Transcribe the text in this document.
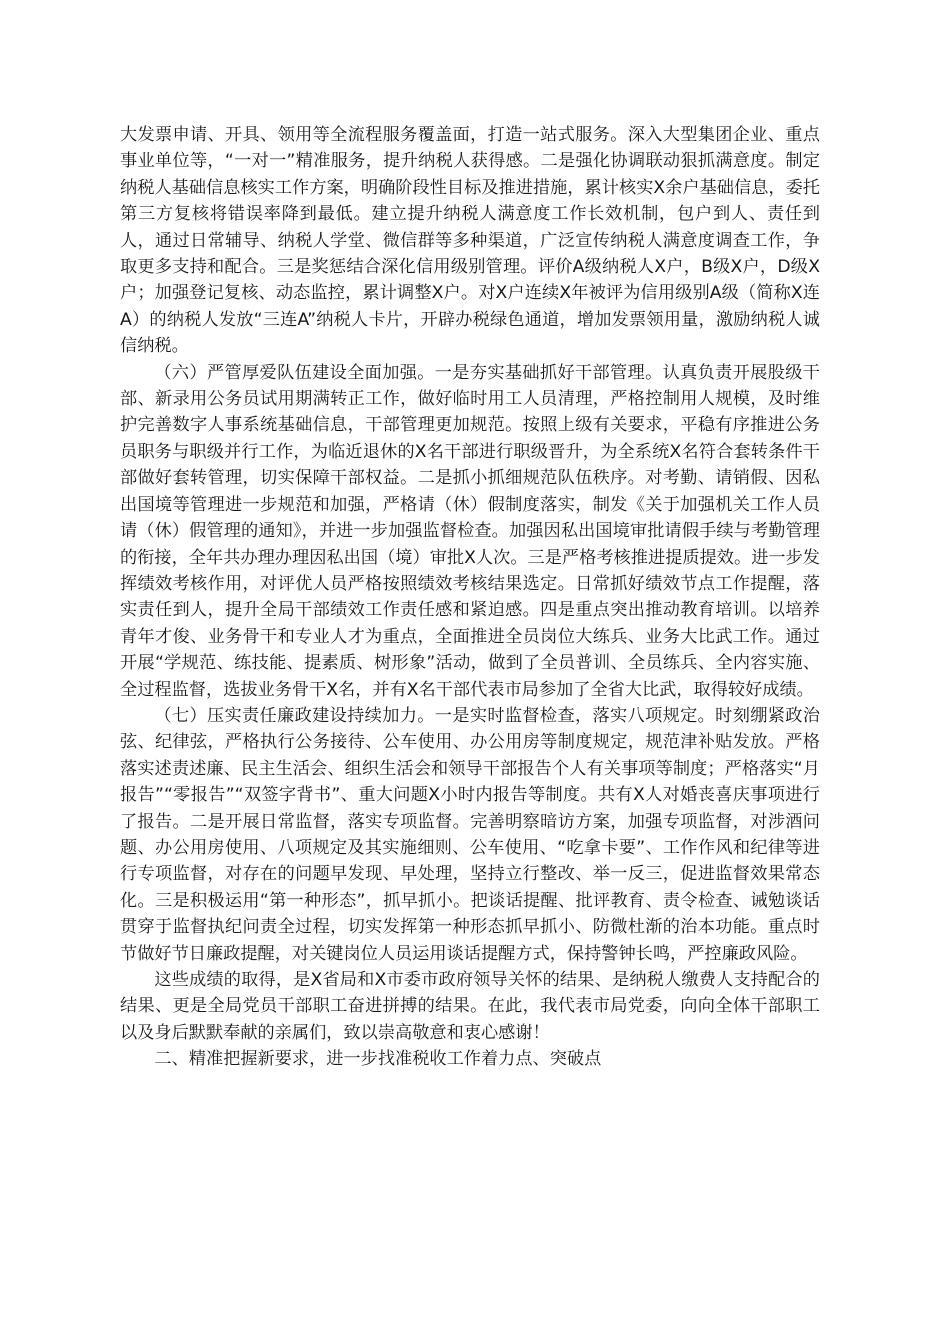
大发票申请、开具、领用等全流程服务覆盖面，打造一站式服务。深入大型集团企业、重点事业单位等，“一对一”精准服务，提升纳税人获得感。二是强化协调联动狠抓满意度。制定纳税人基础信息核实工作方案，明确阶段性目标及推进措施，累计核实X余户基础信息，委托第三方复核将错误率降到最低。建立提升纳税人满意度工作长效机制，包户到人、责任到人，通过日常辅导、纳税人学堂、微信群等多种渠道，广泛宣传纳税人满意度调查工作，争取更多支持和配合。三是奖惩结合深化信用级别管理。评价A级纳税人X户，B级X户，D级X户；加强登记复核、动态监控，累计调整X户。对X户连续X年被评为信用级别A级（简称X连A）的纳税人发放“三连A”纳税人卡片，开辟办税绿色通道，增加发票领用量，激励纳税人诚信纳税。

（六）严管厚爱队伍建设全面加强。一是夯实基础抓好干部管理。认真负责开展股级干部、新录用公务员试用期满转正工作，做好临时用工人员清理，严格控制用人规模，及时维护完善数字人事系统基础信息，干部管理更加规范。按照上级有关要求，平稳有序推进公务员职务与职级并行工作，为临近退休的X名干部进行职级晋升，为全系统X名符合套转条件干部做好套转管理，切实保障干部权益。二是抓小抓细规范队伍秩序。对考勤、请销假、因私出国境等管理进一步规范和加强，严格请（休）假制度落实，制发《关于加强机关工作人员请（休）假管理的通知》，并进一步加强监督检查。加强因私出国境审批请假手续与考勤管理的衔接，全年共办理办理因私出国（境）审批X人次。三是严格考核推进提质提效。进一步发挥绩效考核作用，对评优人员严格按照绩效考核结果选定。日常抓好绩效节点工作提醒，落实责任到人，提升全局干部绩效工作责任感和紧迫感。四是重点突出推动教育培训。以培养青年才俊、业务骨干和专业人才为重点，全面推进全员岗位大练兵、业务大比武工作。通过开展“学规范、练技能、提素质、树形象”活动，做到了全员普训、全员练兵、全内容实施、全过程监督，选拔业务骨干X名，并有X名干部代表市局参加了全省大比武，取得较好成绩。

（七）压实责任廉政建设持续加力。一是实时监督检查，落实八项规定。时刻绷紧政治弦、纪律弦，严格执行公务接待、公车使用、办公用房等制度规定，规范津补贴发放。严格落实述责述廉、民主生活会、组织生活会和领导干部报告个人有关事项等制度；严格落实“月报告”“零报告”“双签字背书”、重大问题X小时内报告等制度。共有X人对婚丧喜庆事项进行了报告。二是开展日常监督，落实专项监督。完善明察暗访方案，加强专项监督，对涉酒问题、办公用房使用、八项规定及其实施细则、公车使用、“吃拿卡要”、工作作风和纪律等进行专项监督，对存在的问题早发现、早处理，坚持立行整改、举一反三，促进监督效果常态化。三是积极运用“第一种形态”，抓早抓小。把谈话提醒、批评教育、责令检查、诫勉谈话贯穿于监督执纪问责全过程，切实发挥第一种形态抓早抓小、防微杜渐的治本功能。重点时节做好节日廉政提醒，对关键岗位人员运用谈话提醒方式，保持警钟长鸣，严控廉政风险。

这些成绩的取得，是X省局和X市委市政府领导关怀的结果、是纳税人缴费人支持配合的结果、更是全局党员干部职工奋进拼搏的结果。在此，我代表市局党委，向向全体干部职工以及身后默默奉献的亲属们，致以崇高敬意和衷心感谢！

二、精准把握新要求，进一步找准税收工作着力点、突破点
